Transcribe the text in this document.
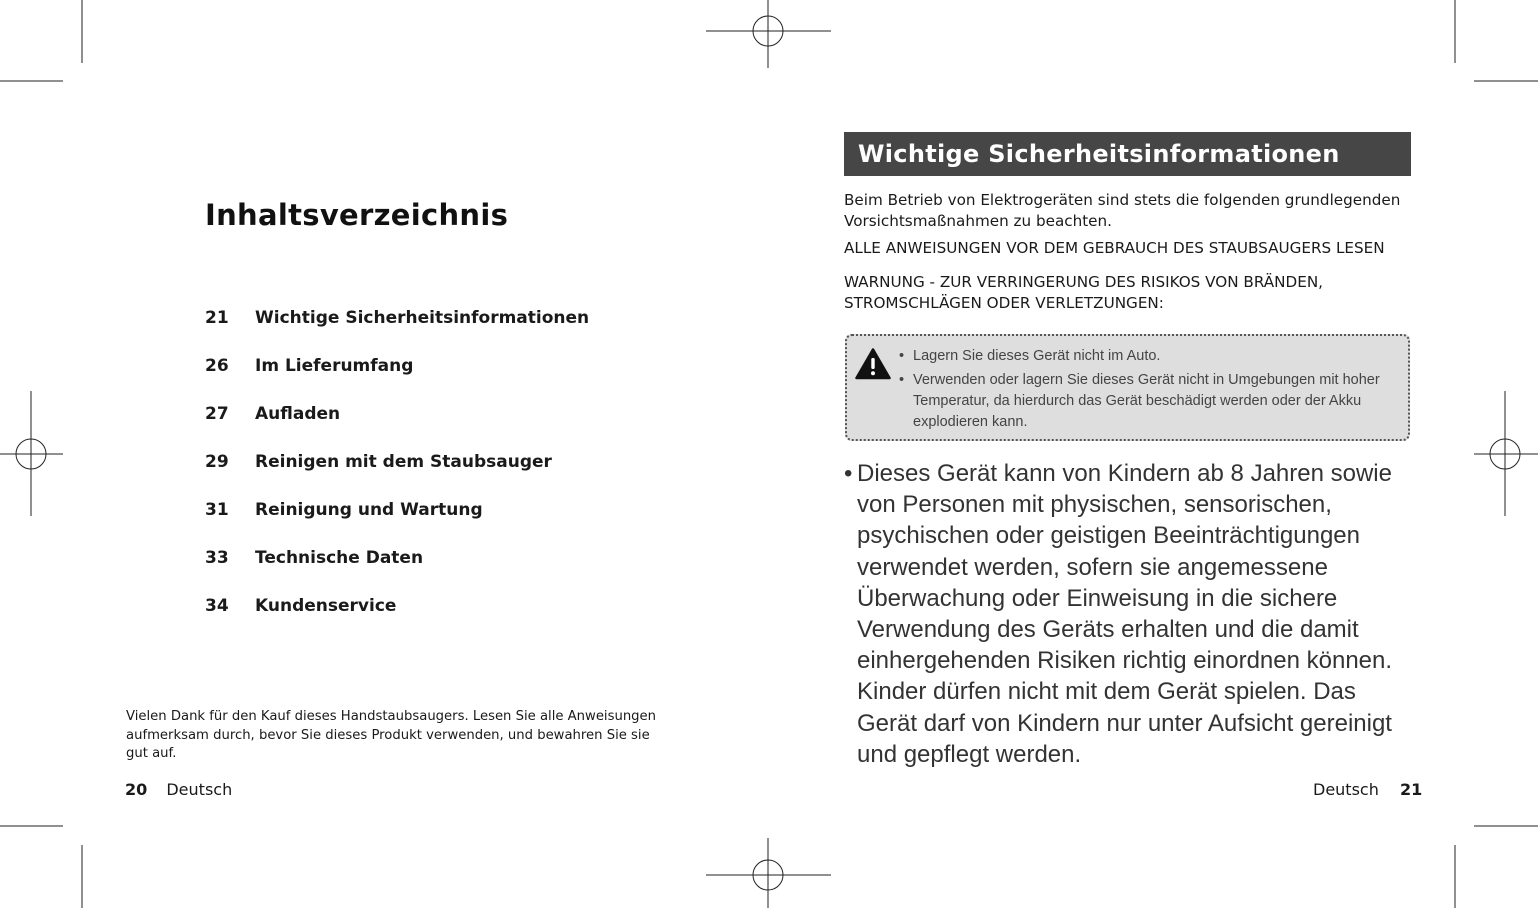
Inhaltsverzeichnis
21	Wichtige Sicherheitsinformationen
26	Im Lieferumfang
27	Aufladen
29	Reinigen mit dem Staubsauger
31	Reinigung und Wartung
33	Technische Daten
34	Kundenservice

Vielen Dank für den Kauf dieses Handstaubsaugers. Lesen Sie alle Anweisungen aufmerksam durch, bevor Sie dieses Produkt verwenden, und bewahren Sie sie gut auf.

20 Deutsch
Wichtige Sicherheitsinformationen

Beim Betrieb von Elektrogeräten sind stets die folgenden grundlegenden Vorsichtsmaßnahmen zu beachten.

ALLE ANWEISUNGEN VOR DEM GEBRAUCH DES STAUBSAUGERS LESEN

WARNUNG - ZUR VERRINGERUNG DES RISIKOS VON BRÄNDEN, STROMSCHLÄGEN ODER VERLETZUNGEN:

• Lagern Sie dieses Gerät nicht im Auto.
• Verwenden oder lagern Sie dieses Gerät nicht in Umgebungen mit hoher Temperatur, da hierdurch das Gerät beschädigt werden oder der Akku explodieren kann.
• Dieses Gerät kann von Kindern ab 8 Jahren sowie von Personen mit physischen, sensorischen, psychischen oder geistigen Beeinträchtigungen verwendet werden, sofern sie angemessene Überwachung oder Einweisung in die sichere Verwendung des Geräts erhalten und die damit einhergehenden Risiken richtig einordnen können. Kinder dürfen nicht mit dem Gerät spielen. Das Gerät darf von Kindern nur unter Aufsicht gereinigt und gepflegt werden.

Deutsch 21
